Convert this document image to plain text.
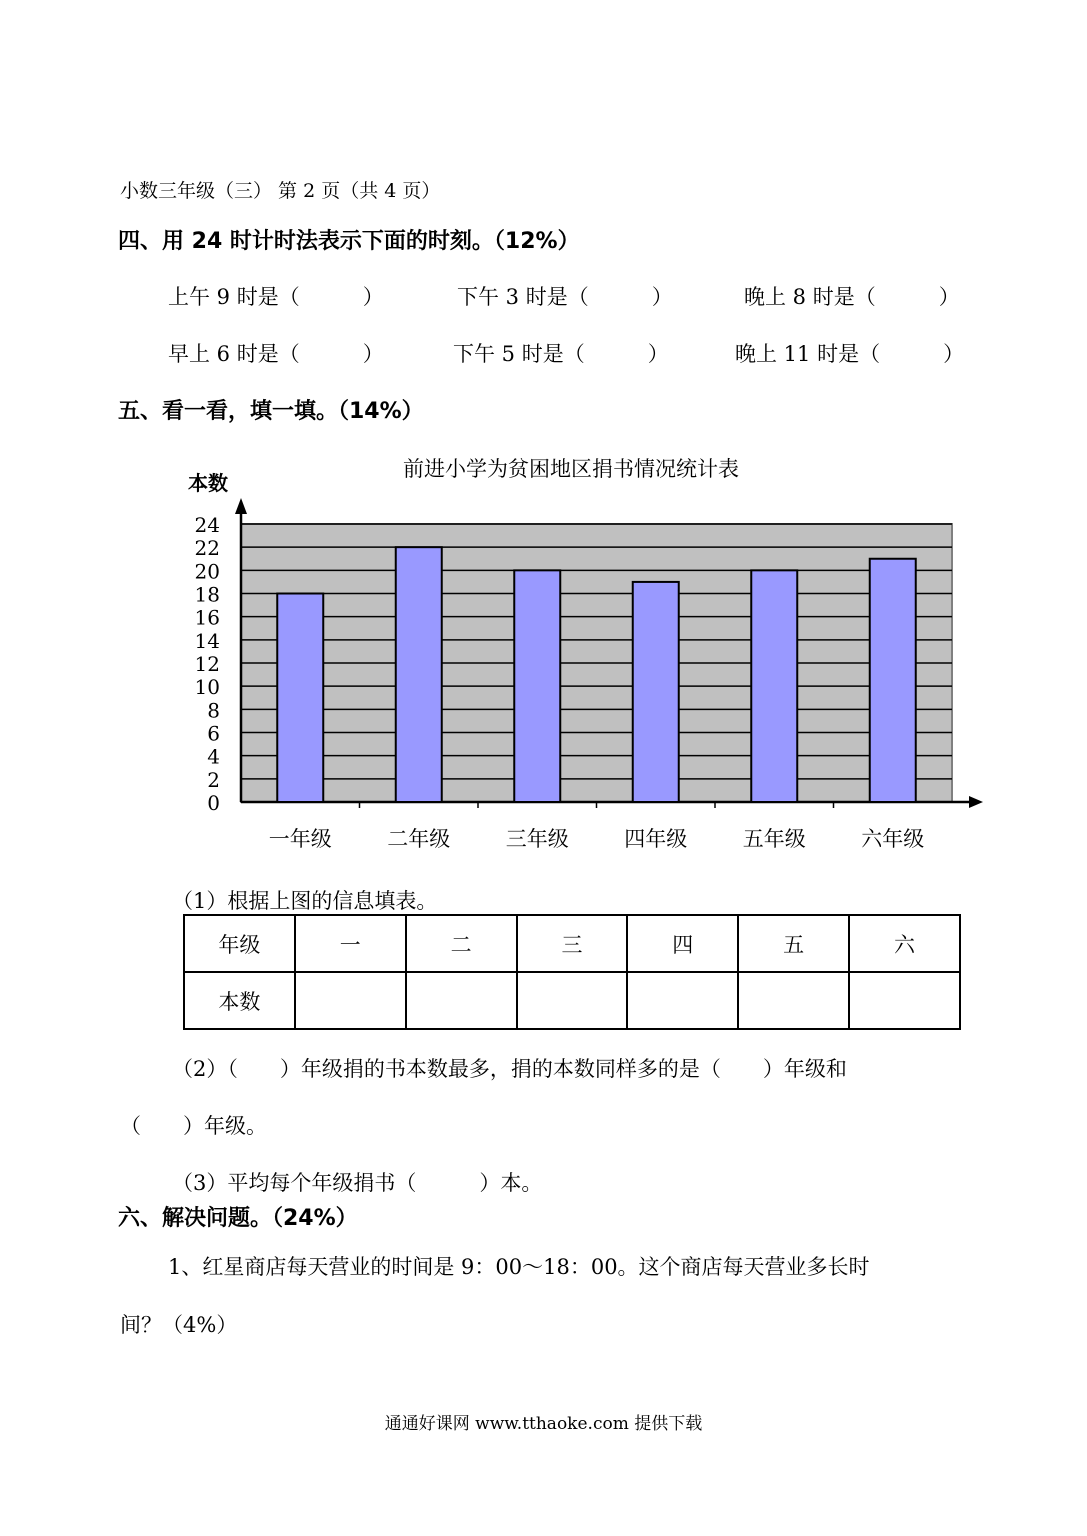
小数三年级（三） 第 2 页（共 4 页）
四、用 24 时计时法表示下面的时刻。（12%）
上午 9 时是（　　　）	下午 3 时是（　　　）	晚上 8 时是（　　　）
早上 6 时是（　　　）	下午 5 时是（　　　）	晚上 11 时是（　　　）
五、看一看，填一填。（14%）
前进小学为贫困地区捐书情况统计表
本数
0
2
4
6
8
10
12
14
16
18
20
22
24
一年级	二年级	三年级	四年级	五年级	六年级
（1）根据上图的信息填表。
年级	一	二	三	四	五	六
本数						
（2）（　　）年级捐的书本数最多，捐的本数同样多的是（　　）年级和
（　　）年级。
（3）平均每个年级捐书（　　　）本。
六、解决问题。（24%）
1、红星商店每天营业的时间是 9：00～18：00。这个商店每天营业多长时
间？（4%）
通通好课网 www.tthaoke.com 提供下载
